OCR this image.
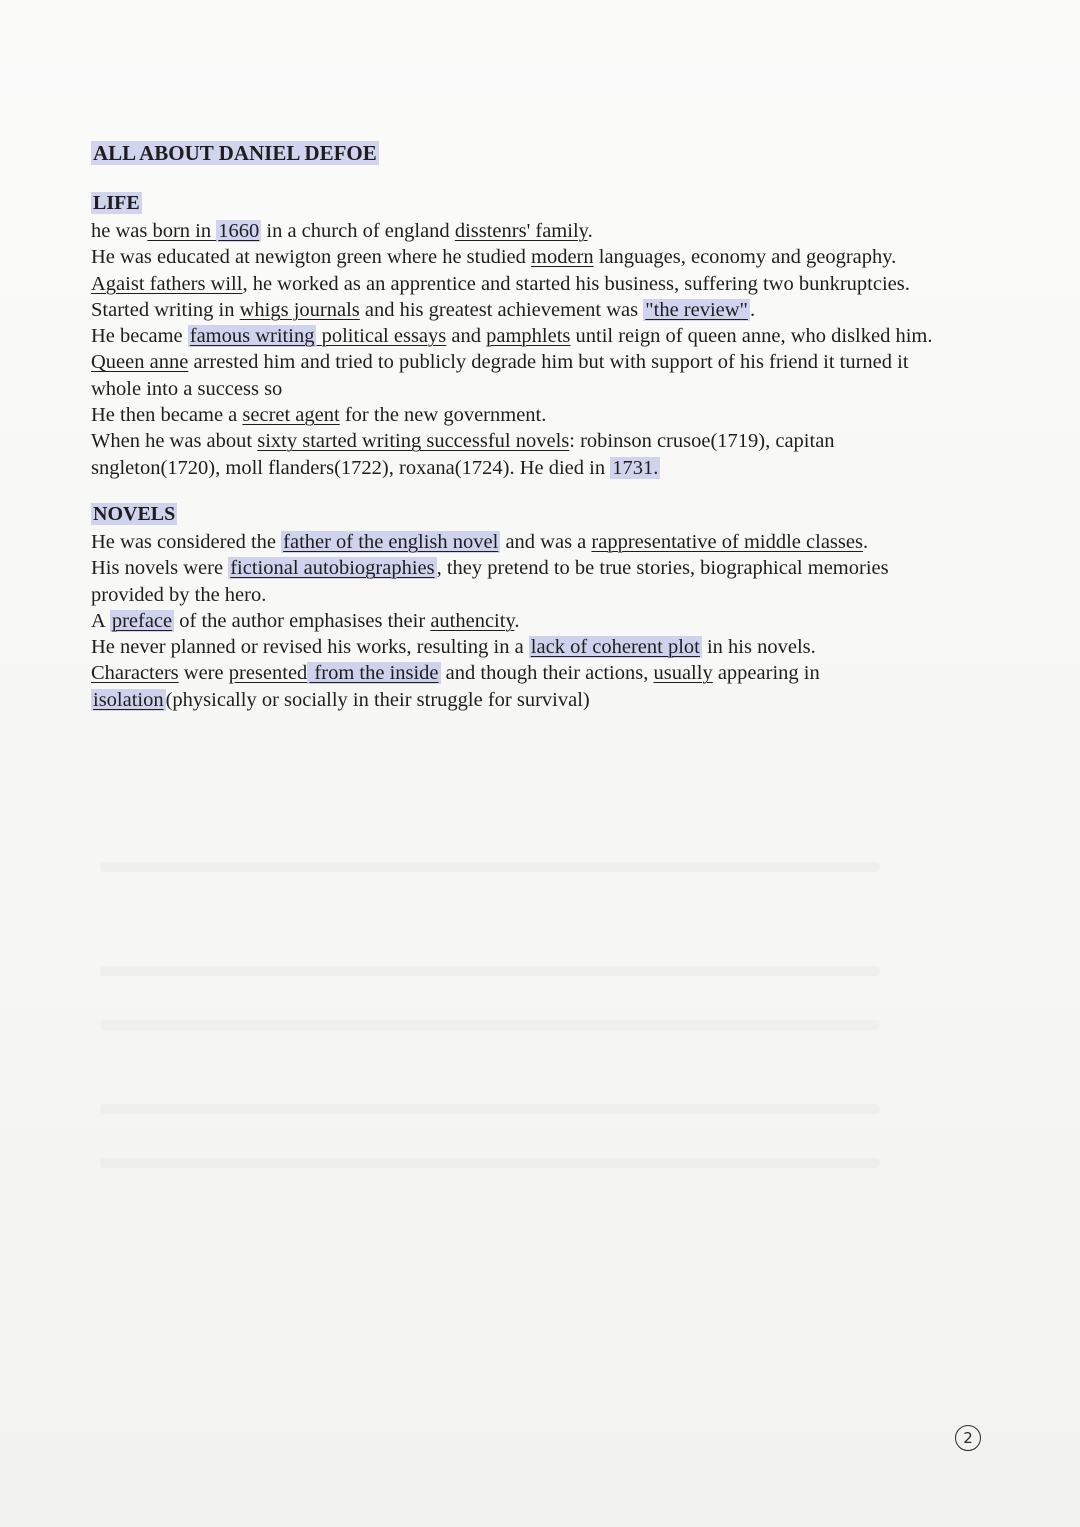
ALL ABOUT DANIEL DEFOE
LIFE

he was born in 1660 in a church of england disstenrs' family.

He was educated at newigton green where he studied modern languages, economy and geography.

Agaist fathers will, he worked as an apprentice and started his business, suffering two bunkruptcies.

Started writing in whigs journals and his greatest achievement was "the review".

He became famous writing political essays and pamphlets until reign of queen anne, who dislked him.

Queen anne arrested him and tried to publicly degrade him but with support of his friend it turned it whole into a success so

He then became a secret agent for the new government.

When he was about sixty started writing successful novels: robinson crusoe(1719), capitan sngleton(1720), moll flanders(1722), roxana(1724). He died in 1731.

NOVELS

He was considered the father of the english novel and was a rappresentative of middle classes.

His novels were fictional autobiographies, they pretend to be true stories, biographical memories provided by the hero.

A preface of the author emphasises their authencity.

He never planned or revised his works, resulting in a lack of coherent plot in his novels.

Characters were presented from the inside and though their actions, usually appearing in isolation(physically or socially in their struggle for survival)

2
